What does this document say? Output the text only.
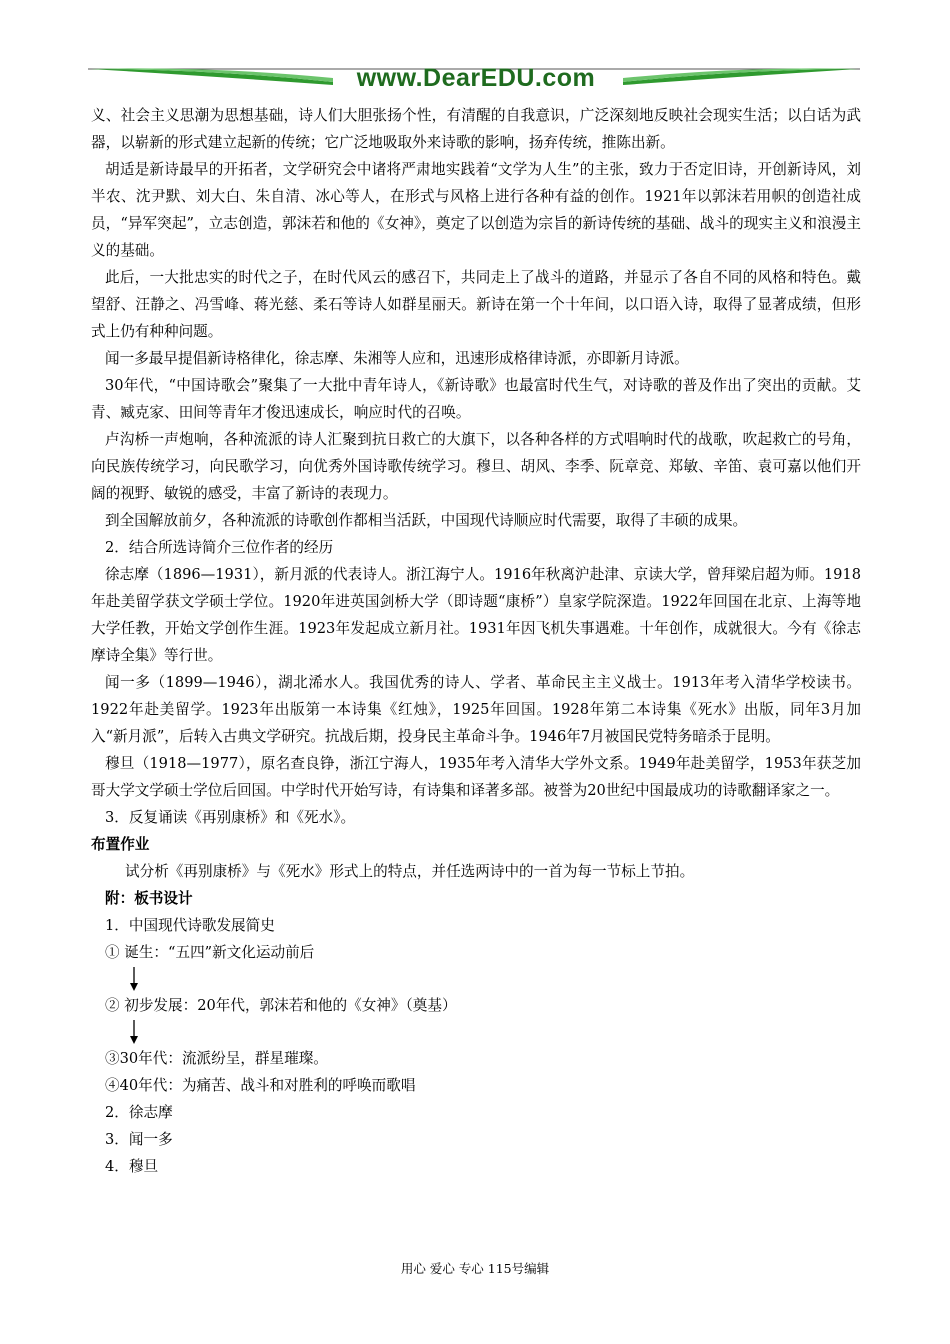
www.DearEDU.com

义、社会主义思潮为思想基础，诗人们大胆张扬个性，有清醒的自我意识，广泛深刻地反映社会现实生活；以白话为武器，以崭新的形式建立起新的传统；它广泛地吸取外来诗歌的影响，扬弃传统，推陈出新。

胡适是新诗最早的开拓者，文学研究会中诸将严肃地实践着“文学为人生”的主张，致力于否定旧诗，开创新诗风，刘半农、沈尹默、刘大白、朱自清、冰心等人，在形式与风格上进行各种有益的创作。1921年以郭沫若用帜的创造社成员，“异军突起”，立志创造，郭沫若和他的《女神》，奠定了以创造为宗旨的新诗传统的基础、战斗的现实主义和浪漫主义的基础。

此后，一大批忠实的时代之子，在时代风云的感召下，共同走上了战斗的道路，并显示了各自不同的风格和特色。戴望舒、汪静之、冯雪峰、蒋光慈、柔石等诗人如群星丽天。新诗在第一个十年间，以口语入诗，取得了显著成绩，但形式上仍有种种问题。

闻一多最早提倡新诗格律化，徐志摩、朱湘等人应和，迅速形成格律诗派，亦即新月诗派。

30年代，“中国诗歌会”聚集了一大批中青年诗人，《新诗歌》也最富时代生气，对诗歌的普及作出了突出的贡献。艾青、臧克家、田间等青年才俊迅速成长，响应时代的召唤。

卢沟桥一声炮响，各种流派的诗人汇聚到抗日救亡的大旗下，以各种各样的方式唱响时代的战歌，吹起救亡的号角，向民族传统学习，向民歌学习，向优秀外国诗歌传统学习。穆旦、胡风、李季、阮章竞、郑敏、辛笛、袁可嘉以他们开阔的视野、敏锐的感受，丰富了新诗的表现力。

到全国解放前夕，各种流派的诗歌创作都相当活跃，中国现代诗顺应时代需要，取得了丰硕的成果。

2．结合所选诗简介三位作者的经历

徐志摩（1896—1931），新月派的代表诗人。浙江海宁人。1916年秋离沪赴津、京读大学，曾拜梁启超为师。1918年赴美留学获文学硕士学位。1920年进英国剑桥大学（即诗题“康桥”）皇家学院深造。1922年回国在北京、上海等地大学任教，开始文学创作生涯。1923年发起成立新月社。1931年因飞机失事遇难。十年创作，成就很大。今有《徐志摩诗全集》等行世。

闻一多（1899—1946），湖北浠水人。我国优秀的诗人、学者、革命民主主义战士。1913年考入清华学校读书。1922年赴美留学。1923年出版第一本诗集《红烛》，1925年回国。1928年第二本诗集《死水》出版，同年3月加入“新月派”，后转入古典文学研究。抗战后期，投身民主革命斗争。1946年7月被国民党特务暗杀于昆明。

穆旦（1918—1977），原名查良铮，浙江宁海人，1935年考入清华大学外文系。1949年赴美留学，1953年获芝加哥大学文学硕士学位后回国。中学时代开始写诗，有诗集和译著多部。被誉为20世纪中国最成功的诗歌翻译家之一。

3．反复诵读《再别康桥》和《死水》。

布置作业

试分析《再别康桥》与《死水》形式上的特点，并任选两诗中的一首为每一节标上节拍。

附：板书设计

1．中国现代诗歌发展简史

① 诞生：“五四”新文化运动前后

② 初步发展：20年代，郭沫若和他的《女神》（奠基）

③30年代：流派纷呈，群星璀璨。

④40年代：为痛苦、战斗和对胜利的呼唤而歌唱

2．徐志摩

3．闻一多

4．穆旦

用心 爱心 专心 115号编辑
